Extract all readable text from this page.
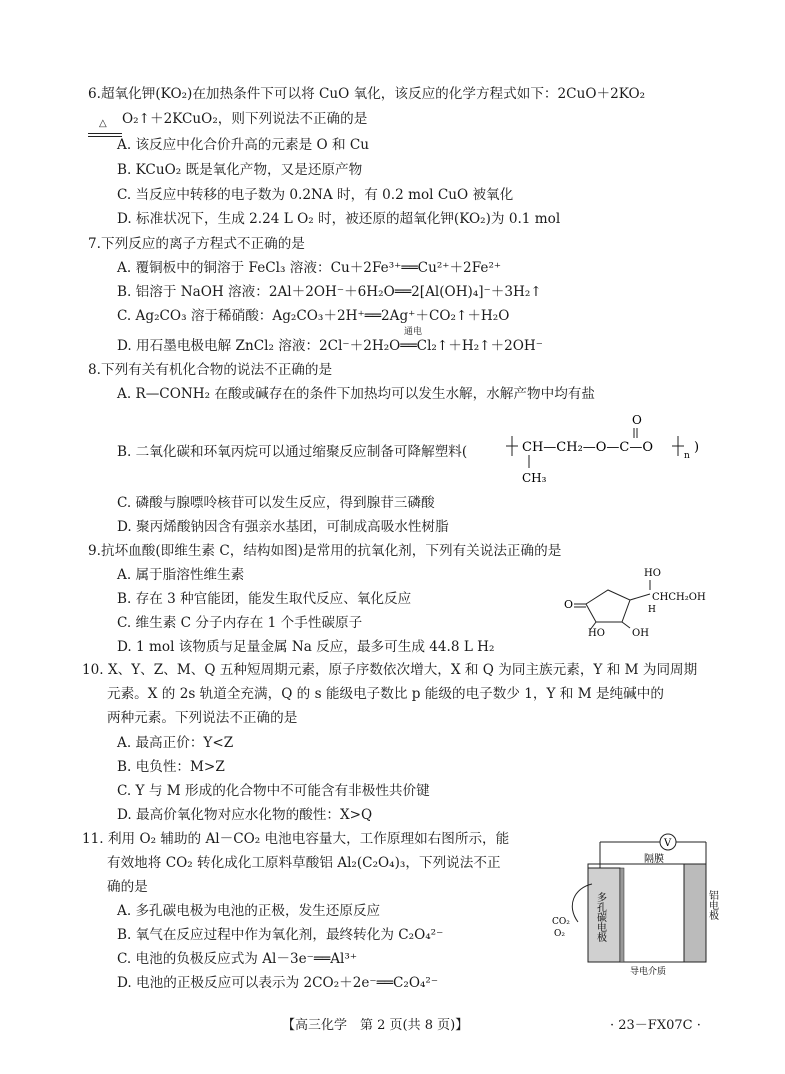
6.超氧化钾(KO₂)在加热条件下可以将 CuO 氧化，该反应的化学方程式如下：2CuO＋2KO₂
△ O₂↑＋2KCuO₂，则下列说法不正确的是
A. 该反应中化合价升高的元素是 O 和 Cu
B. KCuO₂ 既是氧化产物，又是还原产物
C. 当反应中转移的电子数为 0.2NA 时，有 0.2 mol CuO 被氧化
D. 标准状况下，生成 2.24 L O₂ 时，被还原的超氧化钾(KO₂)为 0.1 mol
7.下列反应的离子方程式不正确的是
A. 覆铜板中的铜溶于 FeCl₃ 溶液：Cu＋2Fe³⁺══Cu²⁺＋2Fe²⁺
B. 铝溶于 NaOH 溶液：2Al＋2OH⁻＋6H₂O══2[Al(OH)₄]⁻＋3H₂↑
C. Ag₂CO₃ 溶于稀硝酸：Ag₂CO₃＋2H⁺══2Ag⁺＋CO₂↑＋H₂O
通电
D. 用石墨电极电解 ZnCl₂ 溶液：2Cl⁻＋2H₂O══Cl₂↑＋H₂↑＋2OH⁻
8.下列有关有机化合物的说法不正确的是
A. R—CONH₂ 在酸或碱存在的条件下加热均可以发生水解，水解产物中均有盐
B. 二氧化碳和环氧丙烷可以通过缩聚反应制备可降解塑料(
O
CH—CH₂—O—C—O
n
)
CH₃
C. 磷酸与腺嘌呤核苷可以发生反应，得到腺苷三磷酸
D. 聚丙烯酸钠因含有强亲水基团，可制成高吸水性树脂
9.抗坏血酸(即维生素 C，结构如图)是常用的抗氧化剂，下列有关说法正确的是
A. 属于脂溶性维生素
B. 存在 3 种官能团，能发生取代反应、氧化反应
C. 维生素 C 分子内存在 1 个手性碳原子
D. 1 mol 该物质与足量金属 Na 反应，最多可生成 44.8 L H₂
HO
CHCH₂OH
H
O
HO	OH
10. X、Y、Z、M、Q 五种短周期元素，原子序数依次增大，X 和 Q 为同主族元素，Y 和 M 为同周期
元素。X 的 2s 轨道全充满，Q 的 s 能级电子数比 p 能级的电子数少 1，Y 和 M 是纯碱中的
两种元素。下列说法不正确的是
A. 最高正价：Y<Z
B. 电负性：M>Z
C. Y 与 M 形成的化合物中不可能含有非极性共价键
D. 最高价氧化物对应水化物的酸性：X>Q
11. 利用 O₂ 辅助的 Al－CO₂ 电池电容量大，工作原理如右图所示，能
有效地将 CO₂ 转化成化工原料草酸铝 Al₂(C₂O₄)₃，下列说法不正
确的是
A. 多孔碳电极为电池的正极，发生还原反应
B. 氧气在反应过程中作为氧化剂，最终转化为 C₂O₄²⁻
C. 电池的负极反应式为 Al－3e⁻══Al³⁺
D. 电池的正极反应可以表示为 2CO₂＋2e⁻══C₂O₄²⁻
V
隔膜
多孔碳电极	铝电极
CO₂
O₂
导电介质
【高三化学　第 2 页(共 8 页)】	· 23－FX07C ·
